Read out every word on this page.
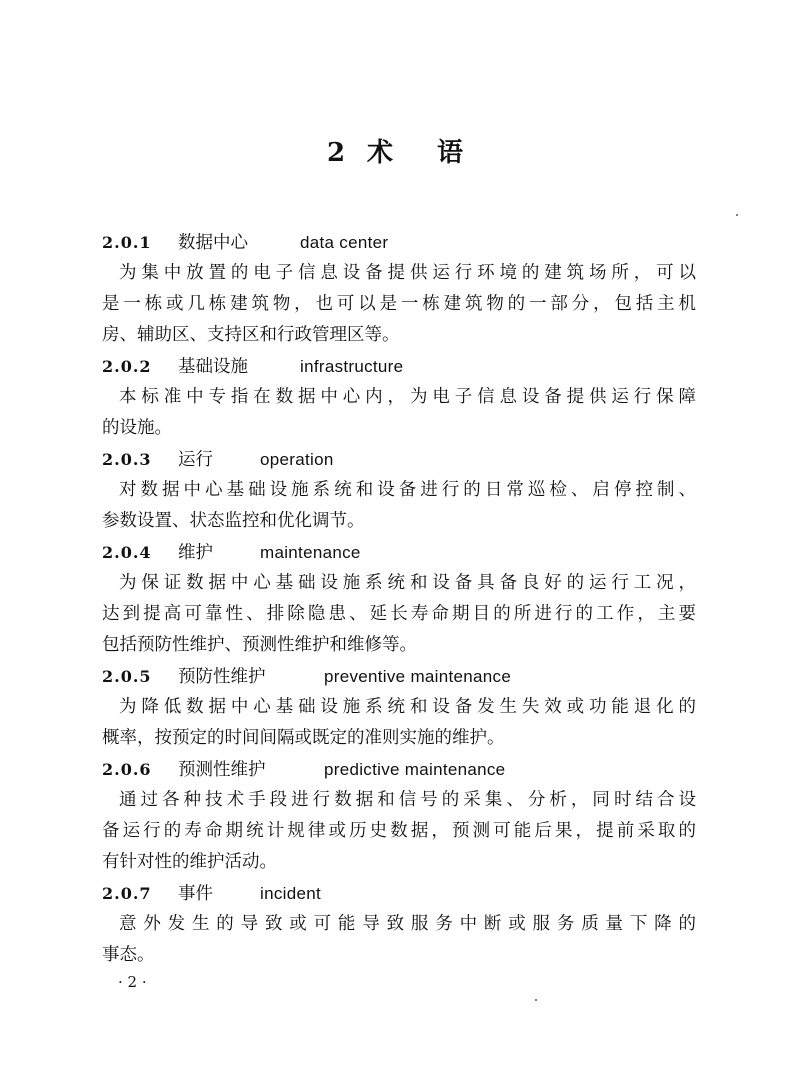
2 术 语
2.0.1	数据中心	data center
为集中放置的电子信息设备提供运行环境的建筑场所，可以
是一栋或几栋建筑物，也可以是一栋建筑物的一部分，包括主机
房、辅助区、支持区和行政管理区等。
2.0.2	基础设施	infrastructure
本标准中专指在数据中心内，为电子信息设备提供运行保障
的设施。
2.0.3	运行	operation
对数据中心基础设施系统和设备进行的日常巡检、启停控制、
参数设置、状态监控和优化调节。
2.0.4	维护	maintenance
为保证数据中心基础设施系统和设备具备良好的运行工况，
达到提高可靠性、排除隐患、延长寿命期目的所进行的工作，主要
包括预防性维护、预测性维护和维修等。
2.0.5	预防性维护	preventive maintenance
为降低数据中心基础设施系统和设备发生失效或功能退化的
概率，按预定的时间间隔或既定的准则实施的维护。
2.0.6	预测性维护	predictive maintenance
通过各种技术手段进行数据和信号的采集、分析，同时结合设
备运行的寿命期统计规律或历史数据，预测可能后果，提前采取的
有针对性的维护活动。
2.0.7	事件	incident
意外发生的导致或可能导致服务中断或服务质量下降的
事态。
· 2 ·
